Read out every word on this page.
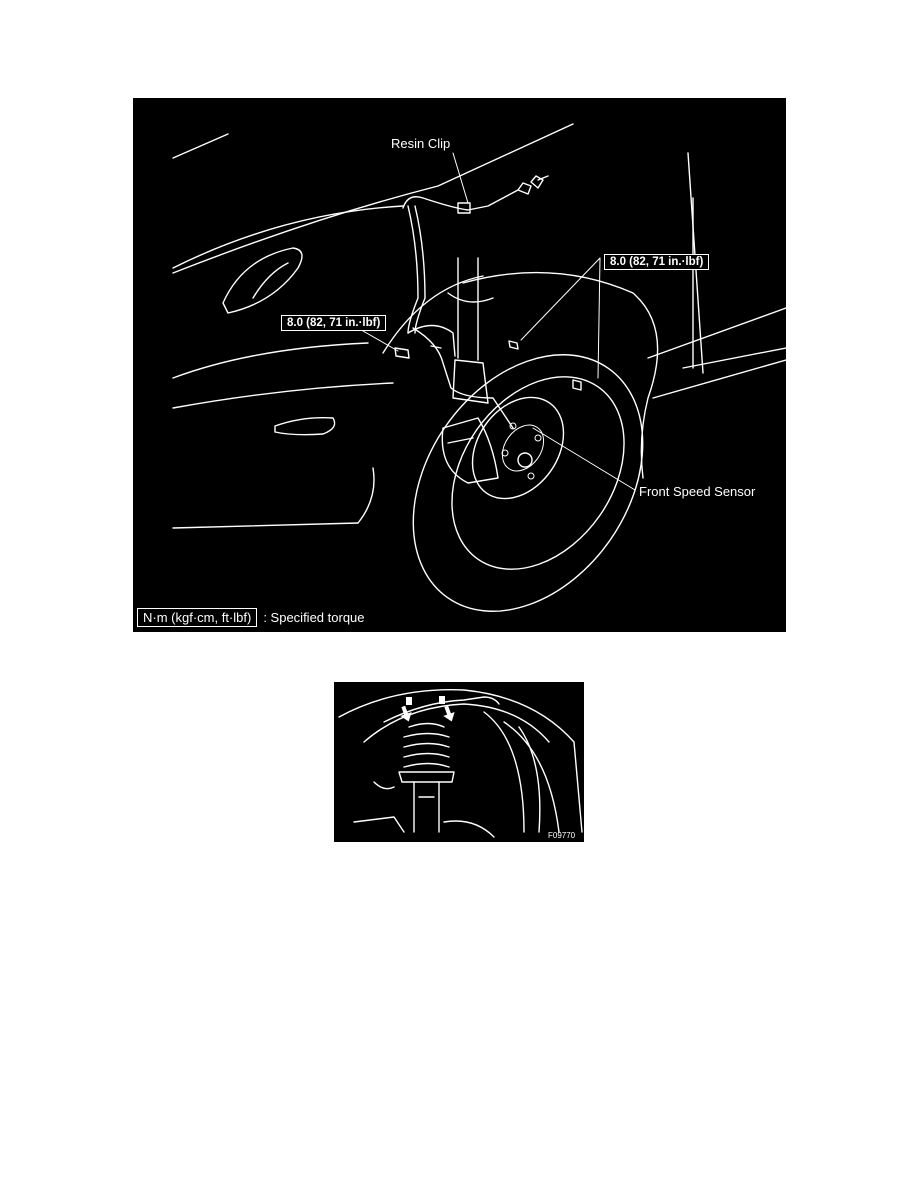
Resin Clip
8.0 (82, 71 in.·lbf)
8.0 (82, 71 in.·lbf)
Front Speed Sensor
N·m (kgf·cm, ft·lbf) : Specified torque
F09770
